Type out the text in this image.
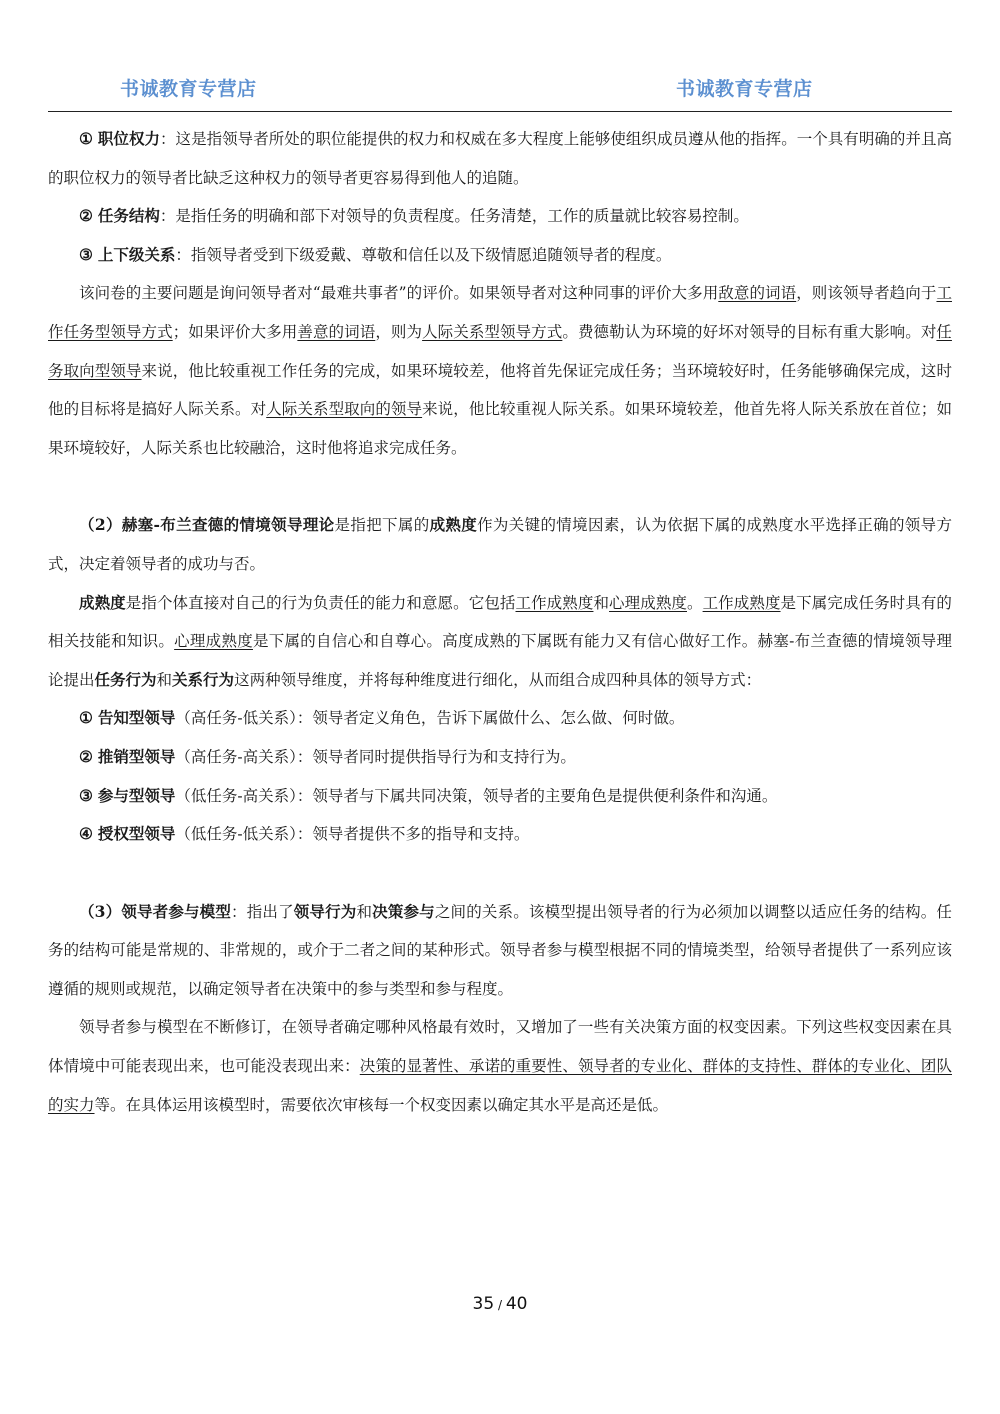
书诚教育专营店	书诚教育专营店

① 职位权力：这是指领导者所处的职位能提供的权力和权威在多大程度上能够使组织成员遵从他的指挥。一个具有明确的并且高的职位权力的领导者比缺乏这种权力的领导者更容易得到他人的追随。

② 任务结构：是指任务的明确和部下对领导的负责程度。任务清楚，工作的质量就比较容易控制。

③ 上下级关系：指领导者受到下级爱戴、尊敬和信任以及下级情愿追随领导者的程度。

该问卷的主要问题是询问领导者对“最难共事者”的评价。如果领导者对这种同事的评价大多用敌意的词语，则该领导者趋向于工作任务型领导方式；如果评价大多用善意的词语，则为人际关系型领导方式。费德勒认为环境的好坏对领导的目标有重大影响。对任务取向型领导来说，他比较重视工作任务的完成，如果环境较差，他将首先保证完成任务；当环境较好时，任务能够确保完成，这时他的目标将是搞好人际关系。对人际关系型取向的领导来说，他比较重视人际关系。如果环境较差，他首先将人际关系放在首位；如果环境较好，人际关系也比较融洽，这时他将追求完成任务。

（2）赫塞-布兰查德的情境领导理论是指把下属的成熟度作为关键的情境因素，认为依据下属的成熟度水平选择正确的领导方式，决定着领导者的成功与否。

成熟度是指个体直接对自己的行为负责任的能力和意愿。它包括工作成熟度和心理成熟度。工作成熟度是下属完成任务时具有的相关技能和知识。心理成熟度是下属的自信心和自尊心。高度成熟的下属既有能力又有信心做好工作。赫塞-布兰查德的情境领导理论提出任务行为和关系行为这两种领导维度，并将每种维度进行细化，从而组合成四种具体的领导方式：

① 告知型领导（高任务-低关系）：领导者定义角色，告诉下属做什么、怎么做、何时做。

② 推销型领导（高任务-高关系）：领导者同时提供指导行为和支持行为。

③ 参与型领导（低任务-高关系）：领导者与下属共同决策，领导者的主要角色是提供便利条件和沟通。

④ 授权型领导（低任务-低关系）：领导者提供不多的指导和支持。

（3）领导者参与模型：指出了领导行为和决策参与之间的关系。该模型提出领导者的行为必须加以调整以适应任务的结构。任务的结构可能是常规的、非常规的，或介于二者之间的某种形式。领导者参与模型根据不同的情境类型，给领导者提供了一系列应该遵循的规则或规范，以确定领导者在决策中的参与类型和参与程度。

领导者参与模型在不断修订，在领导者确定哪种风格最有效时，又增加了一些有关决策方面的权变因素。下列这些权变因素在具体情境中可能表现出来，也可能没表现出来：决策的显著性、承诺的重要性、领导者的专业化、群体的支持性、群体的专业化、团队的实力等。在具体运用该模型时，需要依次审核每一个权变因素以确定其水平是高还是低。

35 / 40
